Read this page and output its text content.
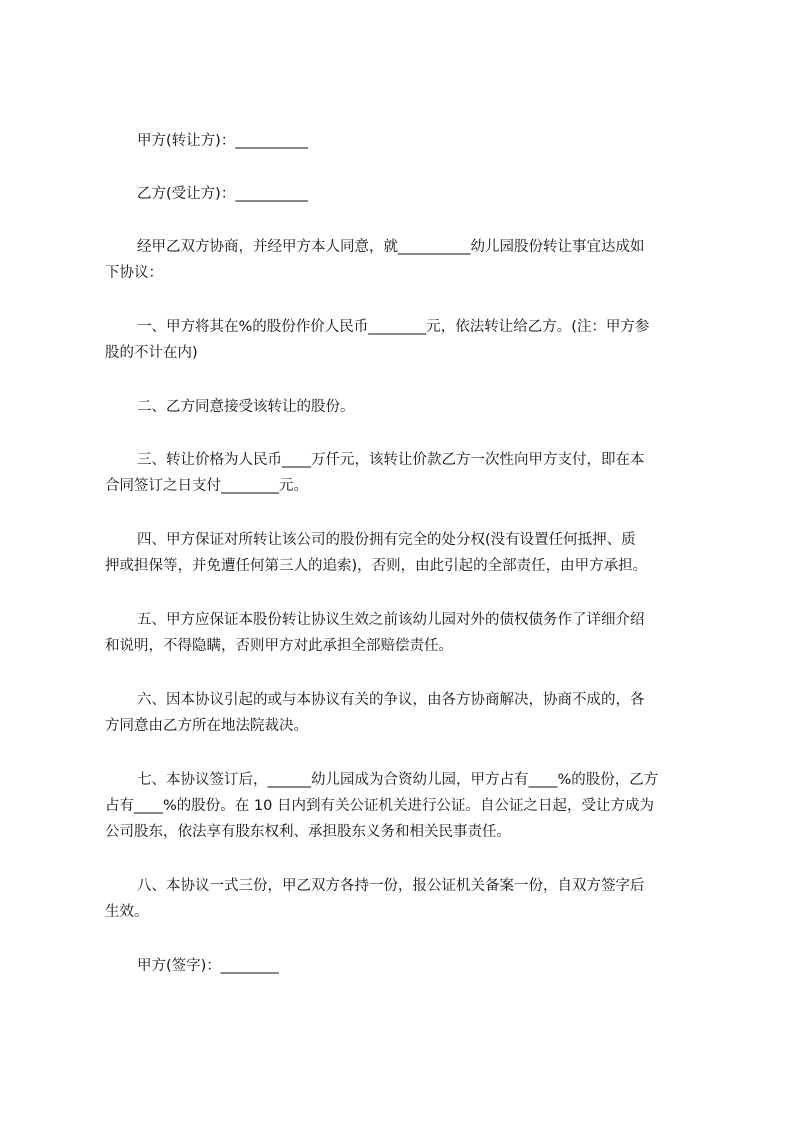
甲方(转让方)：__________
乙方(受让方)：__________
经甲乙双方协商，并经甲方本人同意，就__________幼儿园股份转让事宜达成如
下协议：
一、甲方将其在%的股份作价人民币________元，依法转让给乙方。(注：甲方参
股的不计在内)
二、乙方同意接受该转让的股份。
三、转让价格为人民币____万仟元，该转让价款乙方一次性向甲方支付，即在本
合同签订之日支付________元。
四、甲方保证对所转让该公司的股份拥有完全的处分权(没有设置任何抵押、质
押或担保等，并免遭任何第三人的追索)，否则，由此引起的全部责任，由甲方承担。
五、甲方应保证本股份转让协议生效之前该幼儿园对外的债权债务作了详细介绍
和说明，不得隐瞒，否则甲方对此承担全部赔偿责任。
六、因本协议引起的或与本协议有关的争议，由各方协商解决，协商不成的，各
方同意由乙方所在地法院裁决。
七、本协议签订后，______幼儿园成为合资幼儿园，甲方占有____%的股份，乙方
占有____%的股份。在 10 日内到有关公证机关进行公证。自公证之日起，受让方成为
公司股东，依法享有股东权利、承担股东义务和相关民事责任。
八、本协议一式三份，甲乙双方各持一份，报公证机关备案一份，自双方签字后
生效。
甲方(签字)：________
